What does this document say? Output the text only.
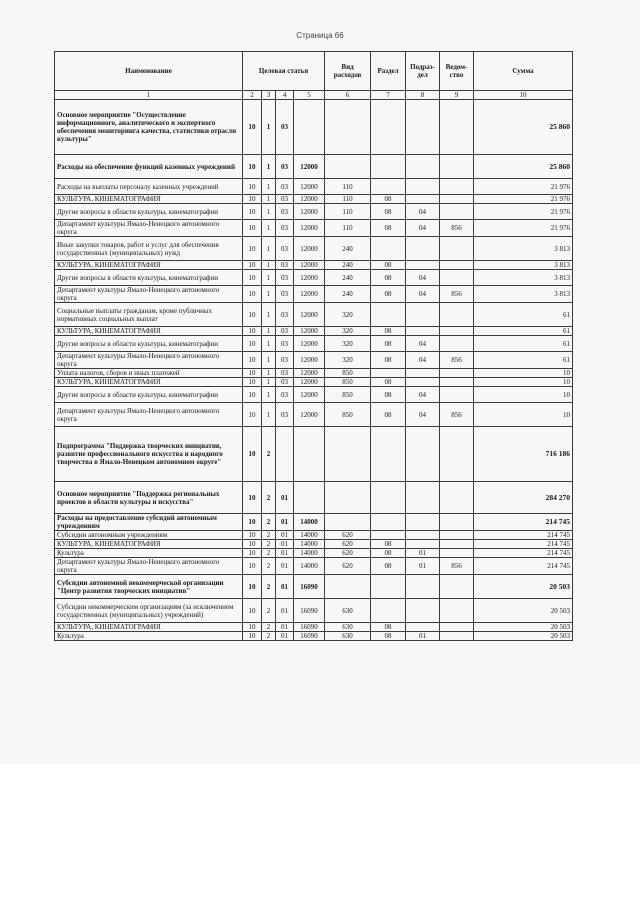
Страница 66
Наименование	Целевая статья				Вид расходов	Раздел	Подраз-дел	Ведом-ство	Сумма
1	2	3	4	5	6	7	8	9	10
Основное мероприятие "Осуществление информационного, аналитического и экспертного обеспечения мониторинга качества, статистики отрасли культуры"	10	1	03						25 860
Расходы на обеспечение функций казенных учреждений	10	1	03	12000					25 860
Расходы на выплаты персоналу казенных учреждений	10	1	03	12000	110				21 976
КУЛЬТУРА, КИНЕМАТОГРАФИЯ	10	1	03	12000	110	08			21 976
Другие вопросы в области культуры, кинематографии	10	1	03	12000	110	08	04		21 976
Департамент культуры Ямало-Ненецкого автономного округа	10	1	03	12000	110	08	04	856	21 976
Иные закупки товаров, работ и услуг для обеспечения государственных (муниципальных) нужд	10	1	03	12000	240				3 813
КУЛЬТУРА, КИНЕМАТОГРАФИЯ	10	1	03	12000	240	08			3 813
Другие вопросы в области культуры, кинематографии	10	1	03	12000	240	08	04		3 813
Департамент культуры Ямало-Ненецкого автономного округа	10	1	03	12000	240	08	04	856	3 813
Социальные выплаты гражданам, кроме публичных нормативных социальных выплат	10	1	03	12000	320				61
КУЛЬТУРА, КИНЕМАТОГРАФИЯ	10	1	03	12000	320	08			61
Другие вопросы в области культуры, кинематографии	10	1	03	12000	320	08	04		61
Департамент культуры Ямало-Ненецкого автономного округа	10	1	03	12000	320	08	04	856	61
Уплата налогов, сборов и иных платежей	10	1	03	12000	850				10
КУЛЬТУРА, КИНЕМАТОГРАФИЯ	10	1	03	12000	850	08			10
Другие вопросы в области культуры, кинематографии	10	1	03	12000	850	08	04		10
Департамент культуры Ямало-Ненецкого автономного округа	10	1	03	12000	850	08	04	856	10
Подпрограмма "Поддержка творческих инициатив, развитие профессионального искусства и народного творчества в Ямало-Ненецком автономном округе"	10	2							716 186
Основное мероприятие "Поддержка региональных проектов в области культуры и искусства"	10	2	01						284 270
Расходы на предоставление субсидий автономным учреждениям	10	2	01	14000					214 745
Субсидии автономным учреждениям	10	2	01	14000	620				214 745
КУЛЬТУРА, КИНЕМАТОГРАФИЯ	10	2	01	14000	620	08			214 745
Культура	10	2	01	14000	620	08	01		214 745
Департамент культуры Ямало-Ненецкого автономного округа	10	2	01	14000	620	08	01	856	214 745
Субсидии автономной некоммерческой организации "Центр развития творческих инициатив"	10	2	01	16090					20 503
Субсидии некоммерческим организациям (за исключением государственных (муниципальных) учреждений)	10	2	01	16090	630				20 503
КУЛЬТУРА, КИНЕМАТОГРАФИЯ	10	2	01	16090	630	08			20 503
Культура	10	2	01	16090	630	08	01		20 503
